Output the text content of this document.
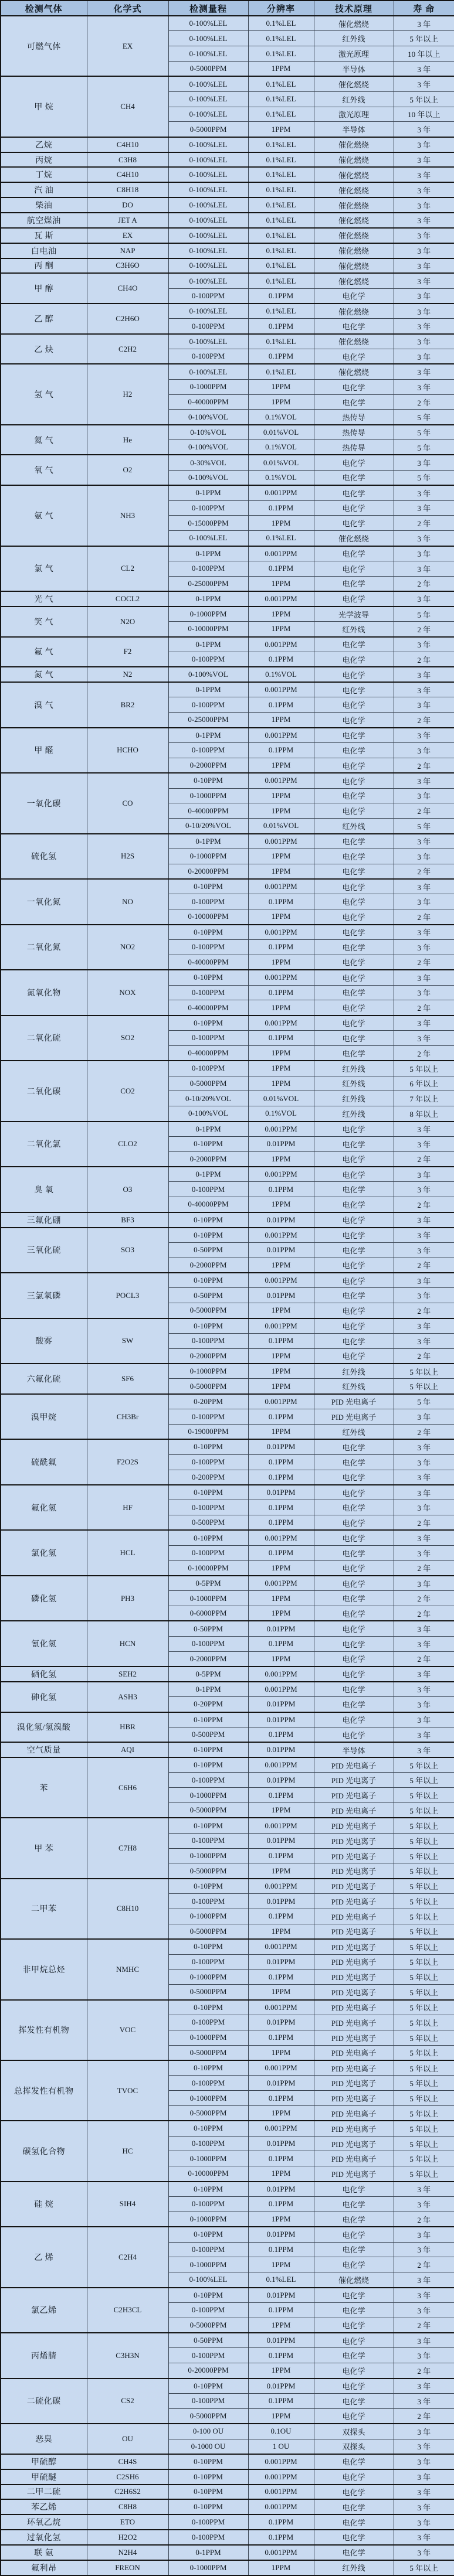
检测气体	化学式	检测量程	分辨率	技术原理	寿 命
可燃气体	EX	0-100%LEL	0.1%LEL	催化燃烧	3 年
		0-100%LEL	0.1%LEL	红外线	5 年以上
		0-100%LEL	0.1%LEL	激光原理	10 年以上
		0-5000PPM	1PPM	半导体	3 年
甲 烷	CH4	0-100%LEL	0.1%LEL	催化燃烧	3 年
		0-100%LEL	0.1%LEL	红外线	5 年以上
		0-100%LEL	0.1%LEL	激光原理	10 年以上
		0-5000PPM	1PPM	半导体	3 年
乙烷	C4H10	0-100%LEL	0.1%LEL	催化燃烧	3 年
丙烷	C3H8	0-100%LEL	0.1%LEL	催化燃烧	3 年
丁烷	C4H10	0-100%LEL	0.1%LEL	催化燃烧	3 年
汽 油	C8H18	0-100%LEL	0.1%LEL	催化燃烧	3 年
柴油	DO	0-100%LEL	0.1%LEL	催化燃烧	3 年
航空煤油	JET A	0-100%LEL	0.1%LEL	催化燃烧	3 年
瓦 斯	EX	0-100%LEL	0.1%LEL	催化燃烧	3 年
白电油	NAP	0-100%LEL	0.1%LEL	催化燃烧	3 年
丙 酮	C3H6O	0-100%LEL	0.1%LEL	催化燃烧	3 年
甲 醇	CH4O	0-100%LEL	0.1%LEL	催化燃烧	3 年
		0-100PPM	0.1PPM	电化学	3 年
乙 醇	C2H6O	0-100%LEL	0.1%LEL	催化燃烧	3 年
		0-100PPM	0.1PPM	电化学	3 年
乙 炔	C2H2	0-100%LEL	0.1%LEL	催化燃烧	3 年
		0-100PPM	0.1PPM	电化学	3 年
氢 气	H2	0-100%LEL	0.1%LEL	催化燃烧	3 年
		0-1000PPM	1PPM	电化学	3 年
		0-40000PPM	1PPM	电化学	2 年
		0-100%VOL	0.1%VOL	热传导	5 年
氦 气	He	0-10%VOL	0.01%VOL	热传导	5 年
		0-100%VOL	0.1%VOL	热传导	5 年
氧 气	O2	0-30%VOL	0.01%VOL	电化学	3 年
		0-100%VOL	0.1%VOL	电化学	5 年
氨 气	NH3	0-1PPM	0.001PPM	电化学	3 年
		0-100PPM	0.1PPM	电化学	3 年
		0-15000PPM	1PPM	电化学	2 年
		0-100%LEL	0.1%LEL	催化燃烧	3 年
氯 气	CL2	0-1PPM	0.001PPM	电化学	3 年
		0-100PPM	0.1PPM	电化学	3 年
		0-25000PPM	1PPM	电化学	2 年
光 气	COCL2	0-1PPM	0.001PPM	电化学	3 年
笑 气	N2O	0-1000PPM	1PPM	光学波导	5 年
		0-10000PPM	1PPM	红外线	2 年
氟 气	F2	0-1PPM	0.001PPM	电化学	3 年
		0-100PPM	0.1PPM	电化学	2 年
氮 气	N2	0-100%VOL	0.1%VOL	电化学	3 年
溴 气	BR2	0-1PPM	0.001PPM	电化学	3 年
		0-100PPM	0.1PPM	电化学	3 年
		0-25000PPM	1PPM	电化学	2 年
甲 醛	HCHO	0-1PPM	0.001PPM	电化学	3 年
		0-100PPM	0.1PPM	电化学	3 年
		0-2000PPM	1PPM	电化学	2 年
一氧化碳	CO	0-10PPM	0.001PPM	电化学	3 年
		0-1000PPM	1PPM	电化学	3 年
		0-40000PPM	1PPM	电化学	2 年
		0-10/20%VOL	0.01%VOL	红外线	5 年
硫化氢	H2S	0-1PPM	0.001PPM	电化学	3 年
		0-1000PPM	1PPM	电化学	3 年
		0-20000PPM	1PPM	电化学	2 年
一氧化氮	NO	0-10PPM	0.001PPM	电化学	3 年
		0-100PPM	0.1PPM	电化学	3 年
		0-10000PPM	1PPM	电化学	2 年
二氧化氮	NO2	0-10PPM	0.001PPM	电化学	3 年
		0-100PPM	0.1PPM	电化学	3 年
		0-40000PPM	1PPM	电化学	2 年
氮氧化物	NOX	0-10PPM	0.001PPM	电化学	3 年
		0-100PPM	0.1PPM	电化学	3 年
		0-40000PPM	1PPM	电化学	2 年
二氧化硫	SO2	0-10PPM	0.001PPM	电化学	3 年
		0-100PPM	0.1PPM	电化学	3 年
		0-40000PPM	1PPM	电化学	2 年
二氧化碳	CO2	0-100PPM	1PPM	红外线	5 年以上
		0-5000PPM	1PPM	红外线	6 年以上
		0-10/20%VOL	0.01%VOL	红外线	7 年以上
		0-100%VOL	0.1%VOL	红外线	8 年以上
二氧化氯	CLO2	0-1PPM	0.001PPM	电化学	3 年
		0-10PPM	0.01PPM	电化学	3 年
		0-2000PPM	1PPM	电化学	2 年
臭 氧	O3	0-1PPM	0.001PPM	电化学	3 年
		0-100PPM	0.1PPM	电化学	3 年
		0-40000PPM	1PPM	电化学	2 年
三氟化硼	BF3	0-10PPM	0.01PPM	电化学	3 年
三氧化硫	SO3	0-10PPM	0.001PPM	电化学	3 年
		0-50PPM	0.01PPM	电化学	3 年
		0-2000PPM	1PPM	电化学	2 年
三氯氧磷	POCL3	0-10PPM	0.001PPM	电化学	3 年
		0-50PPM	0.01PPM	电化学	3 年
		0-5000PPM	1PPM	电化学	2 年
酸雾	SW	0-10PPM	0.001PPM	电化学	3 年
		0-100PPM	0.1PPM	电化学	3 年
		0-2000PPM	1PPM	电化学	2 年
六氟化硫	SF6	0-1000PPM	1PPM	红外线	5 年以上
		0-5000PPM	1PPM	红外线	5 年以上
溴甲烷	CH3Br	0-20PPM	0.001PPM	PID 光电离子	5 年
		0-100PPM	0.1PPM	PID 光电离子	3 年
		0-19000PPM	1PPM	红外线	2 年
硫酰氟	F2O2S	0-10PPM	0.01PPM	电化学	3 年
		0-100PPM	0.1PPM	电化学	3 年
		0-200PPM	0.1PPM	电化学	3 年
氟化氢	HF	0-10PPM	0.01PPM	电化学	3 年
		0-100PPM	0.1PPM	电化学	3 年
		0-500PPM	0.1PPM	电化学	2 年
氯化氢	HCL	0-10PPM	0.001PPM	电化学	3 年
		0-100PPM	0.1PPM	电化学	3 年
		0-10000PPM	1PPM	电化学	2 年
磷化氢	PH3	0-5PPM	0.001PPM	电化学	3 年
		0-1000PPM	1PPM	电化学	2 年
		0-6000PPM	1PPM	电化学	2 年
氰化氢	HCN	0-50PPM	0.01PPM	电化学	3 年
		0-100PPM	0.1PPM	电化学	3 年
		0-2000PPM	1PPM	电化学	2 年
硒化氢	SEH2	0-5PPM	0.001PPM	电化学	3 年
砷化氢	ASH3	0-1PPM	0.001PPM	电化学	3 年
		0-20PPM	0.01PPM	电化学	3 年
溴化氢/氢溴酸	HBR	0-10PPM	0.01PPM	电化学	3 年
		0-500PPM	0.1PPM	电化学	3 年
空气质量	AQI	0-10PPM	0.01PPM	半导体	3 年
苯	C6H6	0-10PPM	0.001PPM	PID 光电离子	5 年以上
		0-100PPM	0.01PPM	PID 光电离子	5 年以上
		0-1000PPM	0.1PPM	PID 光电离子	5 年以上
		0-5000PPM	1PPM	PID 光电离子	5 年以上
甲 苯	C7H8	0-10PPM	0.001PPM	PID 光电离子	5 年以上
		0-100PPM	0.01PPM	PID 光电离子	5 年以上
		0-1000PPM	0.1PPM	PID 光电离子	5 年以上
		0-5000PPM	1PPM	PID 光电离子	5 年以上
二甲苯	C8H10	0-10PPM	0.001PPM	PID 光电离子	5 年以上
		0-100PPM	0.01PPM	PID 光电离子	5 年以上
		0-1000PPM	0.1PPM	PID 光电离子	5 年以上
		0-5000PPM	1PPM	PID 光电离子	5 年以上
非甲烷总烃	NMHC	0-10PPM	0.001PPM	PID 光电离子	5 年以上
		0-100PPM	0.01PPM	PID 光电离子	5 年以上
		0-1000PPM	0.1PPM	PID 光电离子	5 年以上
		0-5000PPM	1PPM	PID 光电离子	5 年以上
挥发性有机物	VOC	0-10PPM	0.001PPM	PID 光电离子	5 年以上
		0-100PPM	0.01PPM	PID 光电离子	5 年以上
		0-1000PPM	0.1PPM	PID 光电离子	5 年以上
		0-5000PPM	1PPM	PID 光电离子	5 年以上
总挥发性有机物	TVOC	0-10PPM	0.001PPM	PID 光电离子	5 年以上
		0-100PPM	0.01PPM	PID 光电离子	5 年以上
		0-1000PPM	0.1PPM	PID 光电离子	5 年以上
		0-5000PPM	1PPM	PID 光电离子	5 年以上
碳氢化合物	HC	0-10PPM	0.001PPM	PID 光电离子	5 年以上
		0-100PPM	0.01PPM	PID 光电离子	5 年以上
		0-1000PPM	0.1PPM	PID 光电离子	5 年以上
		0-10000PPM	1PPM	PID 光电离子	5 年以上
硅 烷	SIH4	0-10PPM	0.01PPM	电化学	3 年
		0-100PPM	0.1PPM	电化学	3 年
		0-1000PPM	1PPM	电化学	2 年
乙 烯	C2H4	0-10PPM	0.01PPM	电化学	3 年
		0-100PPM	0.1PPM	电化学	3 年
		0-1000PPM	1PPM	电化学	2 年
		0-100%LEL	0.1%LEL	催化燃烧	3 年
氯乙烯	C2H3CL	0-10PPM	0.01PPM	电化学	3 年
		0-100PPM	0.1PPM	电化学	3 年
		0-5000PPM	1PPM	电化学	2 年
丙烯腈	C3H3N	0-50PPM	0.01PPM	电化学	3 年
		0-100PPM	0.1PPM	电化学	3 年
		0-20000PPM	1PPM	电化学	2 年
二硫化碳	CS2	0-10PPM	0.01PPM	电化学	3 年
		0-100PPM	0.1PPM	电化学	3 年
		0-5000PPM	1PPM	电化学	2 年
恶臭	OU	0-100 OU	0.1OU	双探头	3 年
		0-1000 OU	1 OU	双探头	3 年
甲硫醇	CH4S	0-10PPM	0.001PPM	电化学	3 年
甲硫醚	C2SH6	0-10PPM	0.001PPM	电化学	3 年
二甲二硫	C2H6S2	0-10PPM	0.001PPM	电化学	3 年
苯乙烯	C8H8	0-10PPM	0.001PPM	电化学	3 年
环氧乙烷	ETO	0-100PPM	0.1PPM	电化学	3 年
过氧化氢	H2O2	0-100PPM	0.1PPM	电化学	3 年
联 氨	N2H4	0-1PPM	0.001PPM	电化学	3 年
氟利昂	FREON	0-1000PPM	1PPM	红外线	5 年以上
